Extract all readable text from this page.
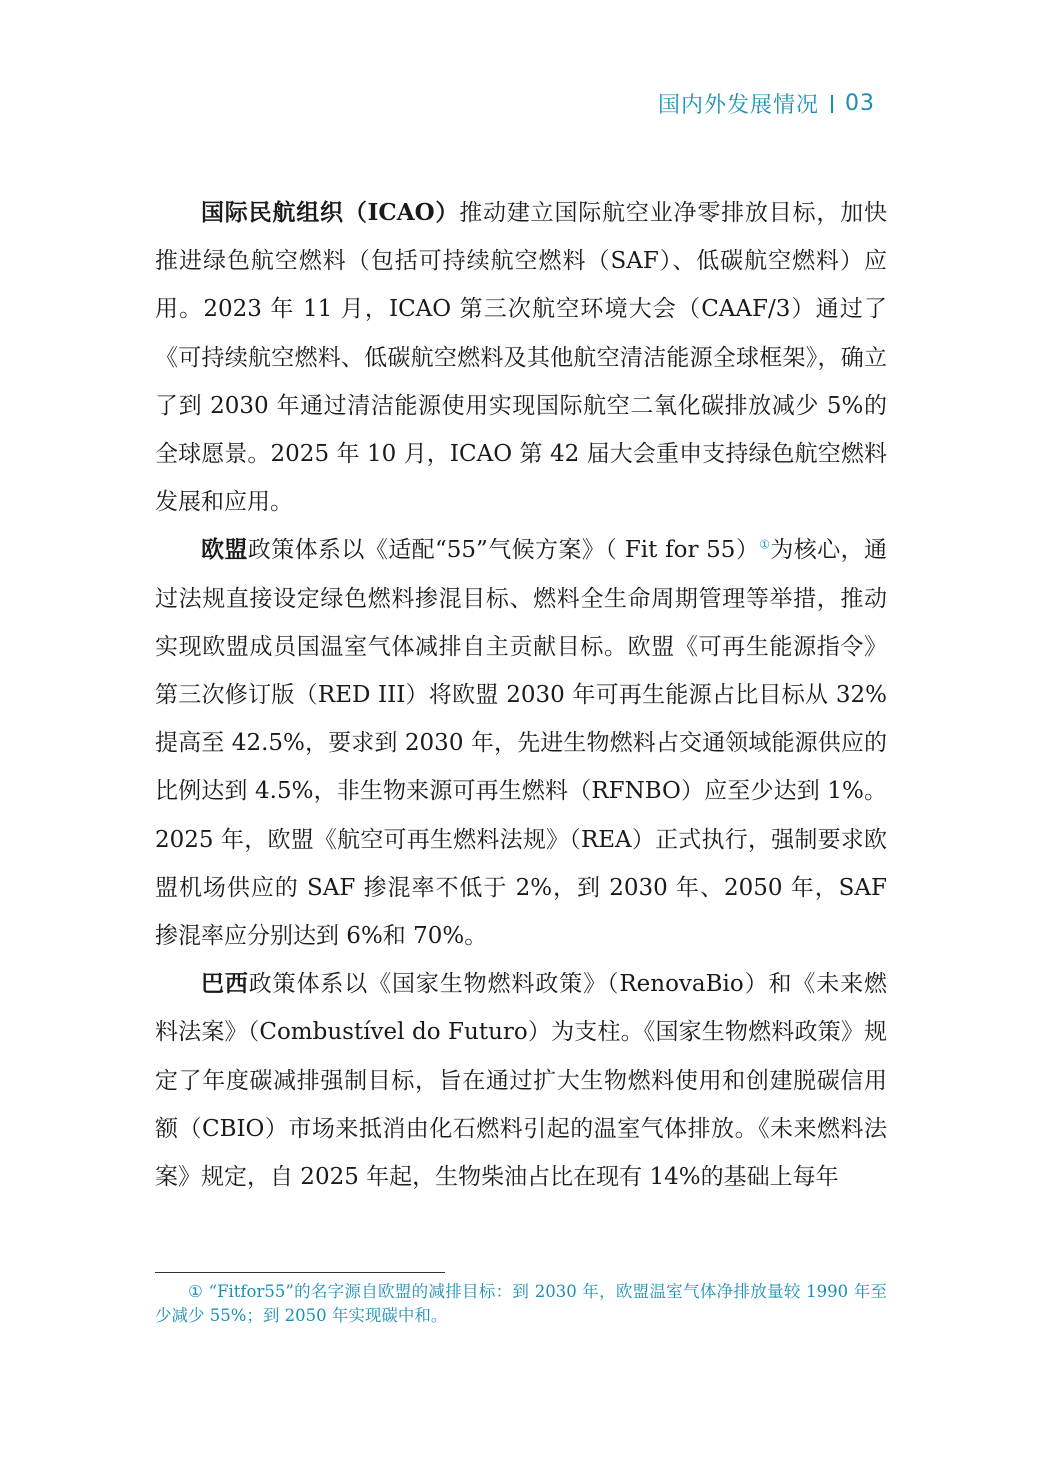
国内外发展情况 03

国际民航组织（ICAO）推动建立国际航空业净零排放目标，加快推进绿色航空燃料（包括可持续航空燃料（SAF）、低碳航空燃料）应用。2023 年 11 月，ICAO 第三次航空环境大会（CAAF/3）通过了《可持续航空燃料、低碳航空燃料及其他航空清洁能源全球框架》，确立了到 2030 年通过清洁能源使用实现国际航空二氧化碳排放减少 5%的全球愿景。2025 年 10 月，ICAO 第 42 届大会重申支持绿色航空燃料发展和应用。

欧盟政策体系以《适配“55”气候方案》（ Fit for 55）①为核心，通过法规直接设定绿色燃料掺混目标、燃料全生命周期管理等举措，推动实现欧盟成员国温室气体减排自主贡献目标。欧盟《可再生能源指令》第三次修订版（RED III）将欧盟 2030 年可再生能源占比目标从 32%提高至 42.5%，要求到 2030 年，先进生物燃料占交通领域能源供应的比例达到 4.5%，非生物来源可再生燃料（RFNBO）应至少达到 1%。2025 年，欧盟《航空可再生燃料法规》（REA）正式执行，强制要求欧盟机场供应的 SAF 掺混率不低于 2%，到 2030 年、2050 年，SAF 掺混率应分别达到 6%和 70%。

巴西政策体系以《国家生物燃料政策》（RenovaBio）和《未来燃料法案》（Combustível do Futuro）为支柱。《国家生物燃料政策》规定了年度碳减排强制目标，旨在通过扩大生物燃料使用和创建脱碳信用额（CBIO）市场来抵消由化石燃料引起的温室气体排放。《未来燃料法案》规定，自 2025 年起，生物柴油占比在现有 14%的基础上每年

① “Fitfor55”的名字源自欧盟的减排目标：到 2030 年，欧盟温室气体净排放量较 1990 年至少减少 55%；到 2050 年实现碳中和。
